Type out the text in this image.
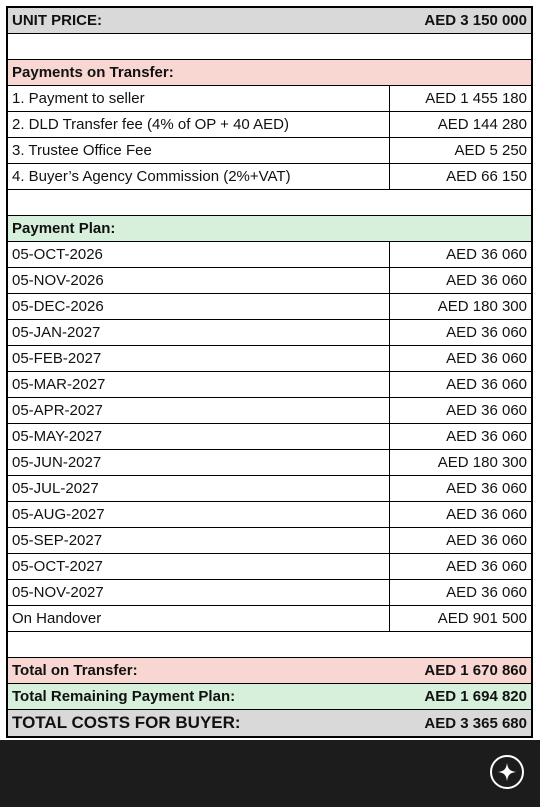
UNIT PRICE:	AED 3 150 000
Payments on Transfer:
1. Payment to seller	AED 1 455 180
2. DLD Transfer fee (4% of OP + 40 AED)	AED 144 280
3. Trustee Office Fee	AED 5 250
4. Buyer’s Agency Commission (2%+VAT)	AED 66 150
Payment Plan:
05-OCT-2026	AED 36 060
05-NOV-2026	AED 36 060
05-DEC-2026	AED 180 300
05-JAN-2027	AED 36 060
05-FEB-2027	AED 36 060
05-MAR-2027	AED 36 060
05-APR-2027	AED 36 060
05-MAY-2027	AED 36 060
05-JUN-2027	AED 180 300
05-JUL-2027	AED 36 060
05-AUG-2027	AED 36 060
05-SEP-2027	AED 36 060
05-OCT-2027	AED 36 060
05-NOV-2027	AED 36 060
On Handover	AED 901 500
Total on Transfer:	AED 1 670 860
Total Remaining Payment Plan:	AED 1 694 820
TOTAL COSTS FOR BUYER:	AED 3 365 680
